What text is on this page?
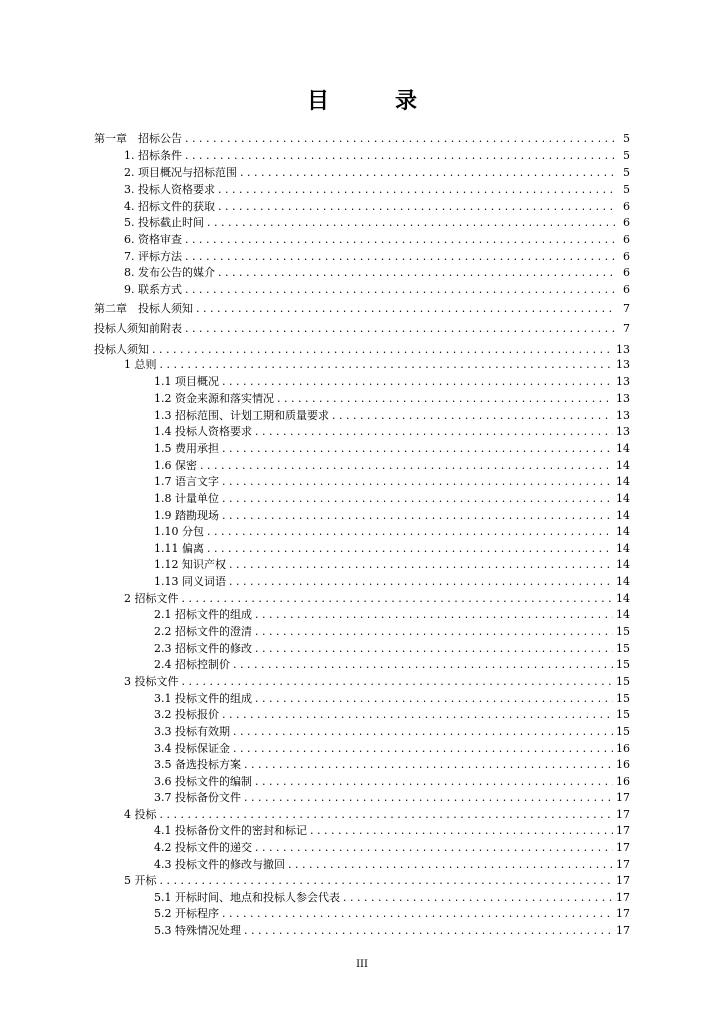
目　录
第一章　招标公告 . . .	5
1. 招标条件 . . .	5
2. 项目概况与招标范围 . . .	5
3. 投标人资格要求 . . .	5
4. 招标文件的获取 . . .	6
5. 投标截止时间 . . .	6
6. 资格审查 . . .	6
7. 评标方法 . . .	6
8. 发布公告的媒介 . . .	6
9. 联系方式 . . .	6
第二章　投标人须知 . . .	7
投标人须知前附表 . . .	7
投标人须知 . . .	13
1 总则 . . .	13
1.1 项目概况 . . .	13
1.2 资金来源和落实情况 . . .	13
1.3 招标范围、计划工期和质量要求 . . .	13
1.4 投标人资格要求 . . .	13
1.5 费用承担 . . .	14
1.6 保密 . . .	14
1.7 语言文字 . . .	14
1.8 计量单位 . . .	14
1.9 踏勘现场 . . .	14
1.10 分包 . . .	14
1.11 偏离 . . .	14
1.12 知识产权 . . .	14
1.13 同义词语 . . .	14
2 招标文件 . . .	14
2.1 招标文件的组成 . . .	14
2.2 招标文件的澄清 . . .	15
2.3 招标文件的修改 . . .	15
2.4 招标控制价 . . .	15
3 投标文件 . . .	15
3.1 投标文件的组成 . . .	15
3.2 投标报价 . . .	15
3.3 投标有效期 . . .	15
3.4 投标保证金 . . .	16
3.5 备选投标方案 . . .	16
3.6 投标文件的编制 . . .	16
3.7 投标备份文件 . . .	17
4 投标 . . .	17
4.1 投标备份文件的密封和标记 . . .	17
4.2 投标文件的递交 . . .	17
4.3 投标文件的修改与撤回 . . .	17
5 开标 . . .	17
5.1 开标时间、地点和投标人参会代表 . . .	17
5.2 开标程序 . . .	17
5.3 特殊情况处理 . . .	17
III
